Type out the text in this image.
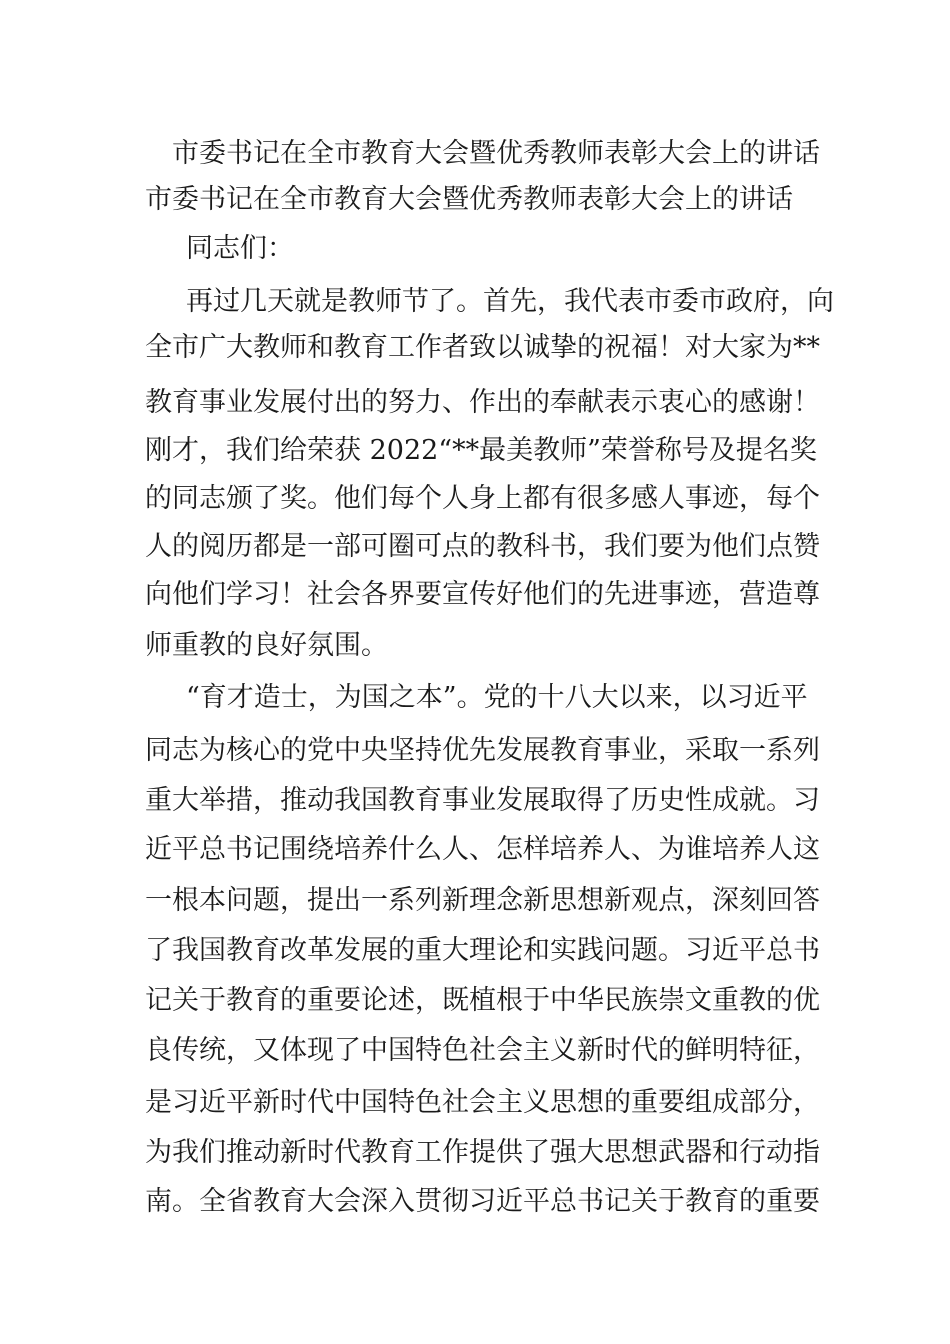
市委书记在全市教育大会暨优秀教师表彰大会上的讲话
市委书记在全市教育大会暨优秀教师表彰大会上的讲话
同志们：
再过几天就是教师节了。首先，我代表市委市政府，向
全市广大教师和教育工作者致以诚挚的祝福！对大家为**
教育事业发展付出的努力、作出的奉献表示衷心的感谢！
刚才，我们给荣获 2022“**最美教师”荣誉称号及提名奖
的同志颁了奖。他们每个人身上都有很多感人事迹，每个
人的阅历都是一部可圈可点的教科书，我们要为他们点赞
向他们学习！社会各界要宣传好他们的先进事迹，营造尊
师重教的良好氛围。
“育才造士，为国之本”。党的十八大以来，以习近平
同志为核心的党中央坚持优先发展教育事业，采取一系列
重大举措，推动我国教育事业发展取得了历史性成就。习
近平总书记围绕培养什么人、怎样培养人、为谁培养人这
一根本问题，提出一系列新理念新思想新观点，深刻回答
了我国教育改革发展的重大理论和实践问题。习近平总书
记关于教育的重要论述，既植根于中华民族崇文重教的优
良传统，又体现了中国特色社会主义新时代的鲜明特征，
是习近平新时代中国特色社会主义思想的重要组成部分，
为我们推动新时代教育工作提供了强大思想武器和行动指
南。全省教育大会深入贯彻习近平总书记关于教育的重要
